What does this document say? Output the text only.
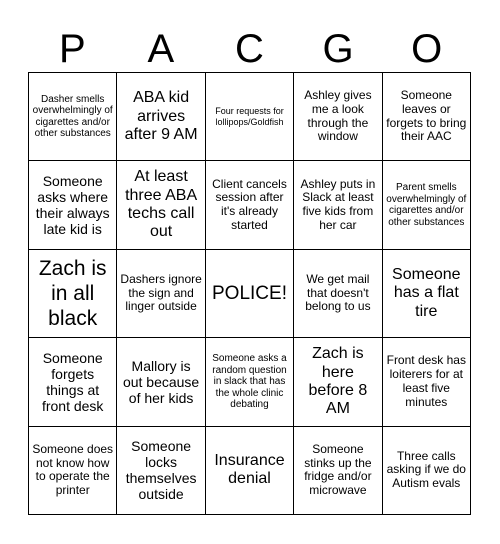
P	A	C	G	O
Dasher smells overwhelmingly of cigarettes and/or other substances
ABA kid arrives after 9 AM
Four requests for lollipops/Goldfish
Ashley gives me a look through the window
Someone leaves or forgets to bring their AAC
Someone asks where their always late kid is
At least three ABA techs call out
Client cancels session after it's already started
Ashley puts in Slack at least five kids from her car
Parent smells overwhelmingly of cigarettes and/or other substances
Zach is in all black
Dashers ignore the sign and linger outside
POLICE!
We get mail that doesn't belong to us
Someone has a flat tire
Someone forgets things at front desk
Mallory is out because of her kids
Someone asks a random question in slack that has the whole clinic debating
Zach is here before 8 AM
Front desk has loiterers for at least five minutes
Someone does not know how to operate the printer
Someone locks themselves outside
Insurance denial
Someone stinks up the fridge and/or microwave
Three calls asking if we do Autism evals
